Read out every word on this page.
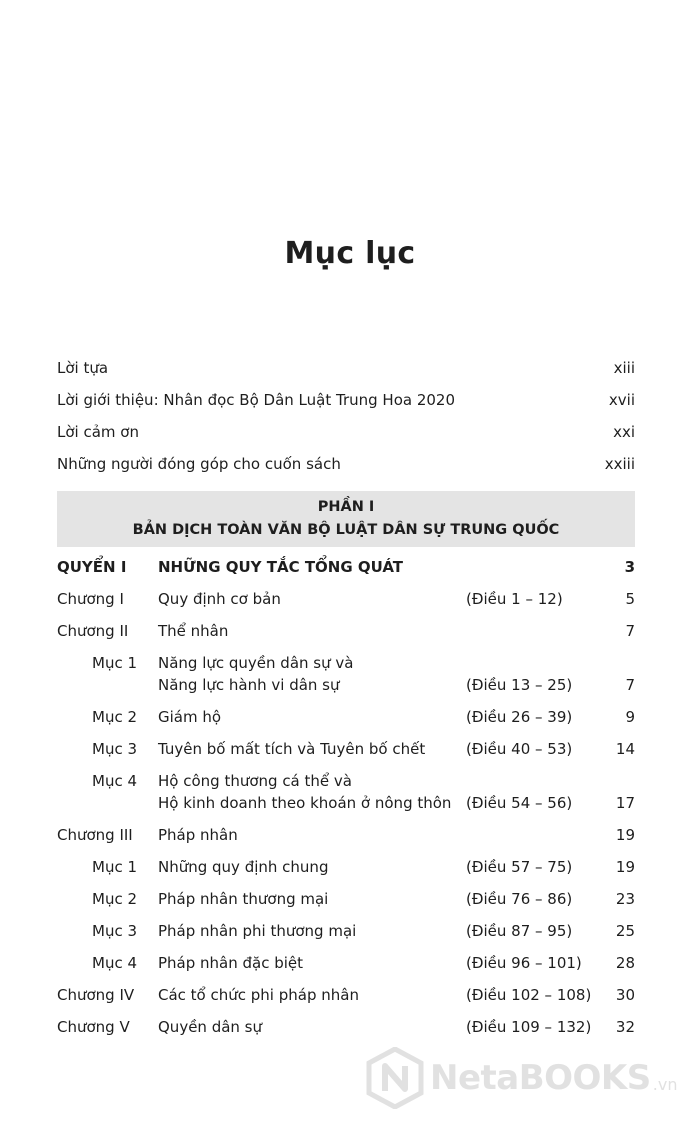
Mục lục
Lời tựa	xiii
Lời giới thiệu: Nhân đọc Bộ Dân Luật Trung Hoa 2020	xvii
Lời cảm ơn	xxi
Những người đóng góp cho cuốn sách	xxiii
PHẦN I
BẢN DỊCH TOÀN VĂN BỘ LUẬT DÂN SỰ TRUNG QUỐC
QUYỂN I NHỮNG QUY TẮC TỔNG QUÁT	3
Chương I Quy định cơ bản	(Điều 1 – 12)	5
Chương II Thể nhân	7
Mục 1 Năng lực quyền dân sự và
Năng lực hành vi dân sự	(Điều 13 – 25)	7
Mục 2 Giám hộ	(Điều 26 – 39)	9
Mục 3 Tuyên bố mất tích và Tuyên bố chết	(Điều 40 – 53)	14
Mục 4 Hộ công thương cá thể và
Hộ kinh doanh theo khoán ở nông thôn (Điều 54 – 56)	17
Chương III Pháp nhân	19
Mục 1 Những quy định chung	(Điều 57 – 75)	19
Mục 2 Pháp nhân thương mại	(Điều 76 – 86)	23
Mục 3 Pháp nhân phi thương mại	(Điều 87 – 95)	25
Mục 4 Pháp nhân đặc biệt	(Điều 96 – 101) 28
Chương IV Các tổ chức phi pháp nhân	(Điều 102 – 108) 30
Chương V Quyền dân sự	(Điều 109 – 132) 32
NetaBOOKS .vn
